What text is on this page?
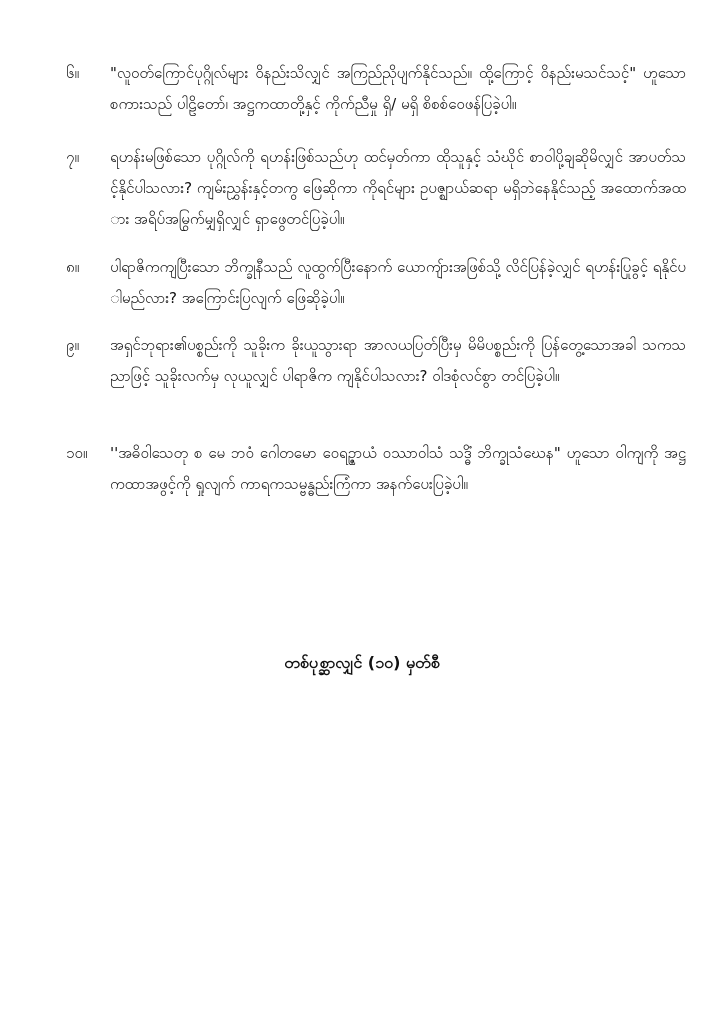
၆။	"လူဝတ်ကြောင်ပုဂ္ဂိုလ်များ ဝိနည်းသိလျှင် အကြည်ညိုပျက်နိုင်သည်။ ထို့ကြောင့် ဝိနည်းမသင်သင့်" ဟူသော စကားသည် ပါဠိတော်၊ အဋ္ဌကထာတို့နှင့် ကိုက်ညီမှု ရှိ/ မရှိ စိစစ်ဝေဖန်ပြခဲ့ပါ။
၇။	ရဟန်းမဖြစ်သော ပုဂ္ဂိုလ်ကို ရဟန်းဖြစ်သည်ဟု ထင်မှတ်ကာ ထိုသူနှင့် သံဃိုင် စာဝါပို့ချဆိုမိလျှင် အာပတ်သင့်နိုင်ပါသလား? ကျမ်းညွှန်းနှင့်တကွ ဖြေဆိုကာ ကိုရင်များ ဥပဇ္ဈာယ်ဆရာ မရှိဘဲနေနိုင်သည့် အထောက်အထား အရိပ်အမြွက်မျှရှိလျှင် ရှာဖွေတင်ပြခဲ့ပါ။
၈။	ပါရာဇိကကျပြီးသော ဘိက္ခုနီသည် လူထွက်ပြီးနောက် ယောကျ်ားအဖြစ်သို့ လိင်ပြန်ခဲ့လျှင် ရဟန်းပြုခွင့် ရနိုင်ပါမည်လား? အကြောင်းပြလျက် ဖြေဆိုခဲ့ပါ။
၉။	အရှင်ဘုရား၏ပစ္စည်းကို သူခိုးက ခိုးယူသွားရာ အာလယပြတ်ပြီးမှ မိမိပစ္စည်းကို ပြန်တွေ့သောအခါ သကသညာဖြင့် သူခိုးလက်မှ လုယူလျှင် ပါရာဇိက ကျနိုင်ပါသလား? ဝါဒစုံလင်စွာ တင်ပြခဲ့ပါ။
၁၀။	''အဓိဝါသေတု စ မေ ဘဝံ ဂေါတမော ဝေရဉ္ဇာယံ ဝဿာဝါသံ သဒ္ဓိံ ဘိက္ခုသံဃေန" ဟူသော ဝါကျကို အဋ္ဌကထာအဖွင့်ကို ရှုလျက် ကာရကသမ္ဗန္ဓည်းကြံကာ အနက်ပေးပြခဲ့ပါ။
တစ်ပုစ္ဆာလျှင် (၁၀) မှတ်စီ
